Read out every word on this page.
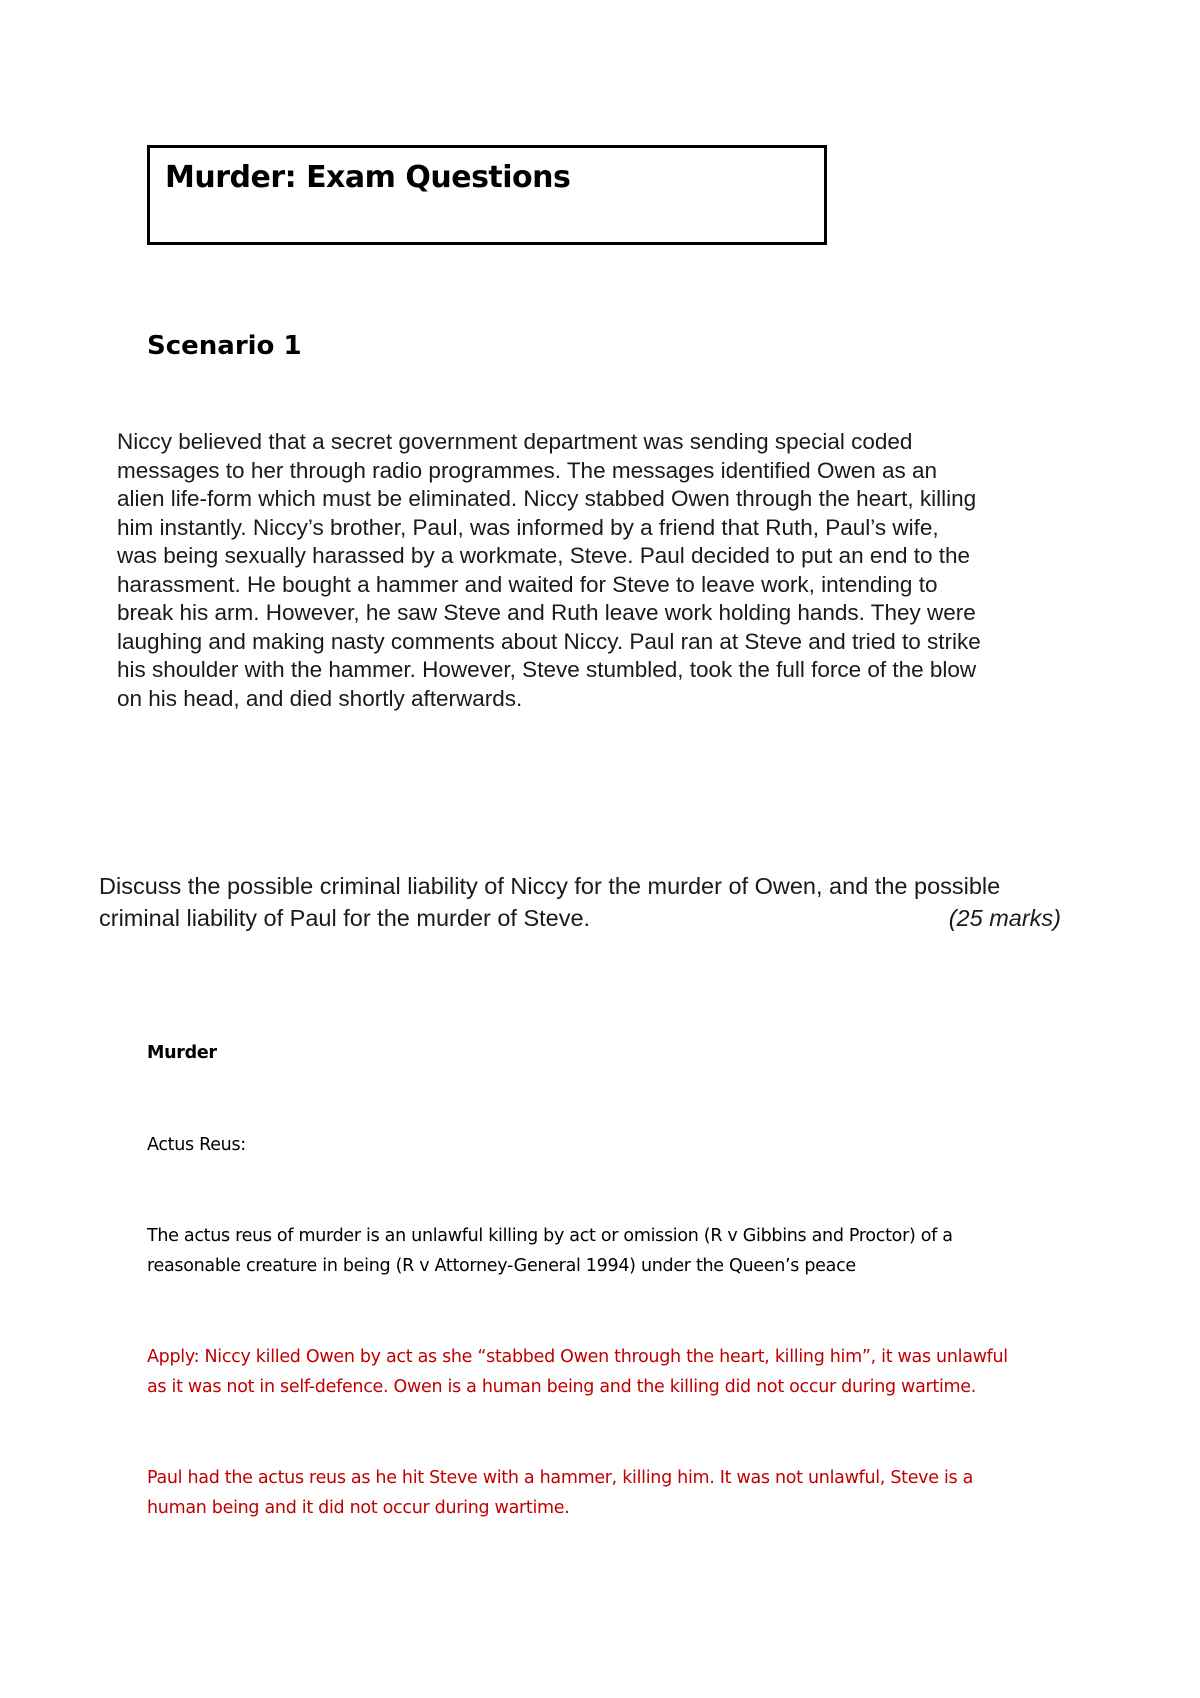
Murder: Exam Questions
Scenario 1
Niccy believed that a secret government department was sending special coded
messages to her through radio programmes. The messages identified Owen as an
alien life-form which must be eliminated. Niccy stabbed Owen through the heart, killing
him instantly. Niccy’s brother, Paul, was informed by a friend that Ruth, Paul’s wife,
was being sexually harassed by a workmate, Steve. Paul decided to put an end to the
harassment. He bought a hammer and waited for Steve to leave work, intending to
break his arm. However, he saw Steve and Ruth leave work holding hands. They were
laughing and making nasty comments about Niccy. Paul ran at Steve and tried to strike
his shoulder with the hammer. However, Steve stumbled, took the full force of the blow
on his head, and died shortly afterwards.
Discuss the possible criminal liability of Niccy for the murder of Owen, and the possible
criminal liability of Paul for the murder of Steve.	(25 marks)
Murder
Actus Reus:
The actus reus of murder is an unlawful killing by act or omission (R v Gibbins and Proctor) of a
reasonable creature in being (R v Attorney-General 1994) under the Queen’s peace
Apply: Niccy killed Owen by act as she “stabbed Owen through the heart, killing him”, it was unlawful
as it was not in self-defence. Owen is a human being and the killing did not occur during wartime.
Paul had the actus reus as he hit Steve with a hammer, killing him. It was not unlawful, Steve is a
human being and it did not occur during wartime.
